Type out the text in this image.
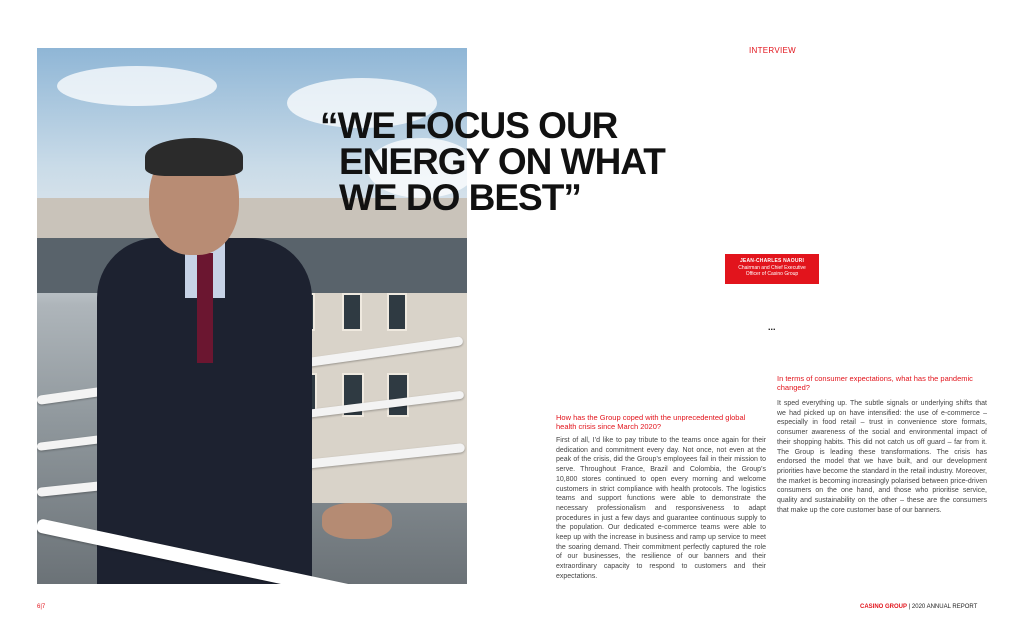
INTERVIEW
“WE FOCUS OUR
ENERGY ON WHAT
WE DO BEST”
JEAN-CHARLES NAOURI
Chairman and Chief Executive
Officer of Casino Group
...
How has the Group coped with the unprecedented global health crisis since March 2020?
First of all, I’d like to pay tribute to the teams once again for their dedication and commitment every day. Not once, not even at the peak of the crisis, did the Group’s employees fail in their mission to serve. Throughout France, Brazil and Colombia, the Group’s 10,800 stores continued to open every morning and welcome customers in strict compliance with health protocols. The logistics teams and support functions were able to demonstrate the necessary professionalism and responsiveness to adapt procedures in just a few days and guarantee continuous supply to the population. Our dedicated e-commerce teams were able to keep up with the increase in business and ramp up service to meet the soaring demand. Their commitment perfectly captured the role of our businesses, the resilience of our banners and their extraordinary capacity to respond to customers and their expectations.
In terms of consumer expectations, what has the pandemic changed?
It sped everything up. The subtle signals or underlying shifts that we had picked up on have intensified: the use of e-commerce – especially in food retail – trust in convenience store formats, consumer awareness of the social and environmental impact of their shopping habits. This did not catch us off guard – far from it. The Group is leading these transformations. The crisis has endorsed the model that we have built, and our development priorities have become the standard in the retail industry. Moreover, the market is becoming increasingly polarised between price-driven consumers on the one hand, and those who prioritise service, quality and sustainability on the other – these are the consumers that make up the core customer base of our banners.
6|7	CASINO GROUP | 2020 ANNUAL REPORT
